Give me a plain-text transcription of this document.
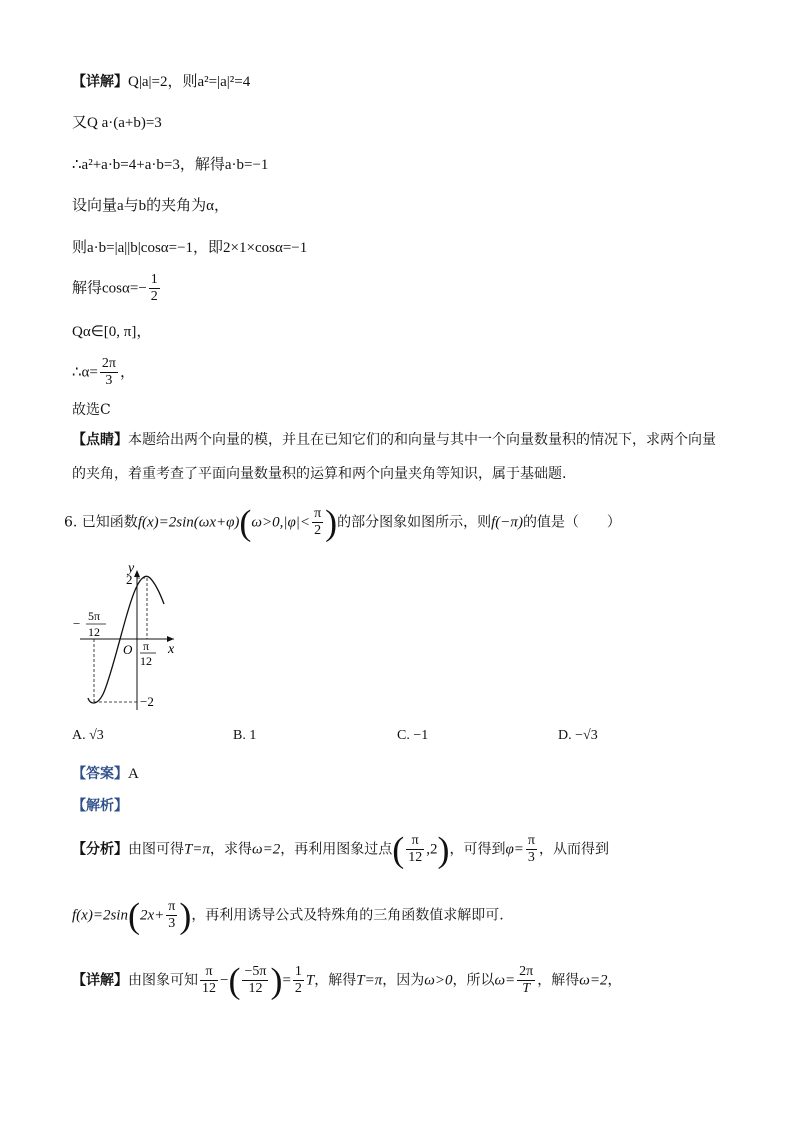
【详解】Q|a|=2，则a²=|a|²=4
又Q a·(a+b)=3
∴a²+a·b=4+a·b=3，解得a·b=−1
设向量a与b的夹角为α，
则a·b=|a||b|cosα=−1，即2×1×cosα=−1
解得$\cos\alpha=- \frac{1}{2}$
Qα∈[0, π]，
∴α= $\frac{2\pi}{3}$ ，
故选C
【点睛】本题给出两个向量的模，并且在已知它们的和向量与其中一个向量数量积的情况下，求两个向量
的夹角，着重考查了平面向量数量积的运算和两个向量夹角等知识，属于基础题.
6. 已知函数$f(x)=2\sin(\omega x+\varphi)(\omega>0,|\varphi|< \frac{\pi}{2}$ )的部分图象如图所示，则f(−π)的值是（　　）
y
x
O
2
−2
− 5π
12
π
12
A. √3	B. 1	C. −1	D. −√3
【答案】A
【解析】
【分析】由图可得T=π，求得ω=2，再利用图象过点( $\frac{\pi}{12} ,2$)，可得到$\varphi= \frac{\pi}{3}$ ，从而得到
$f(x)=2\sin(2x+ \frac{\pi}{3}$ )，再利用诱导公式及特殊角的三角函数值求解即可.
【详解】由图象可知 $\frac{\pi}{12}$ −( $\frac{-5\pi}{12}$ )= $\frac{1}{2}$ T，解得T=π，因为ω>0，所以$\omega= \frac{2\pi}{T}$ ，解得ω=2，
